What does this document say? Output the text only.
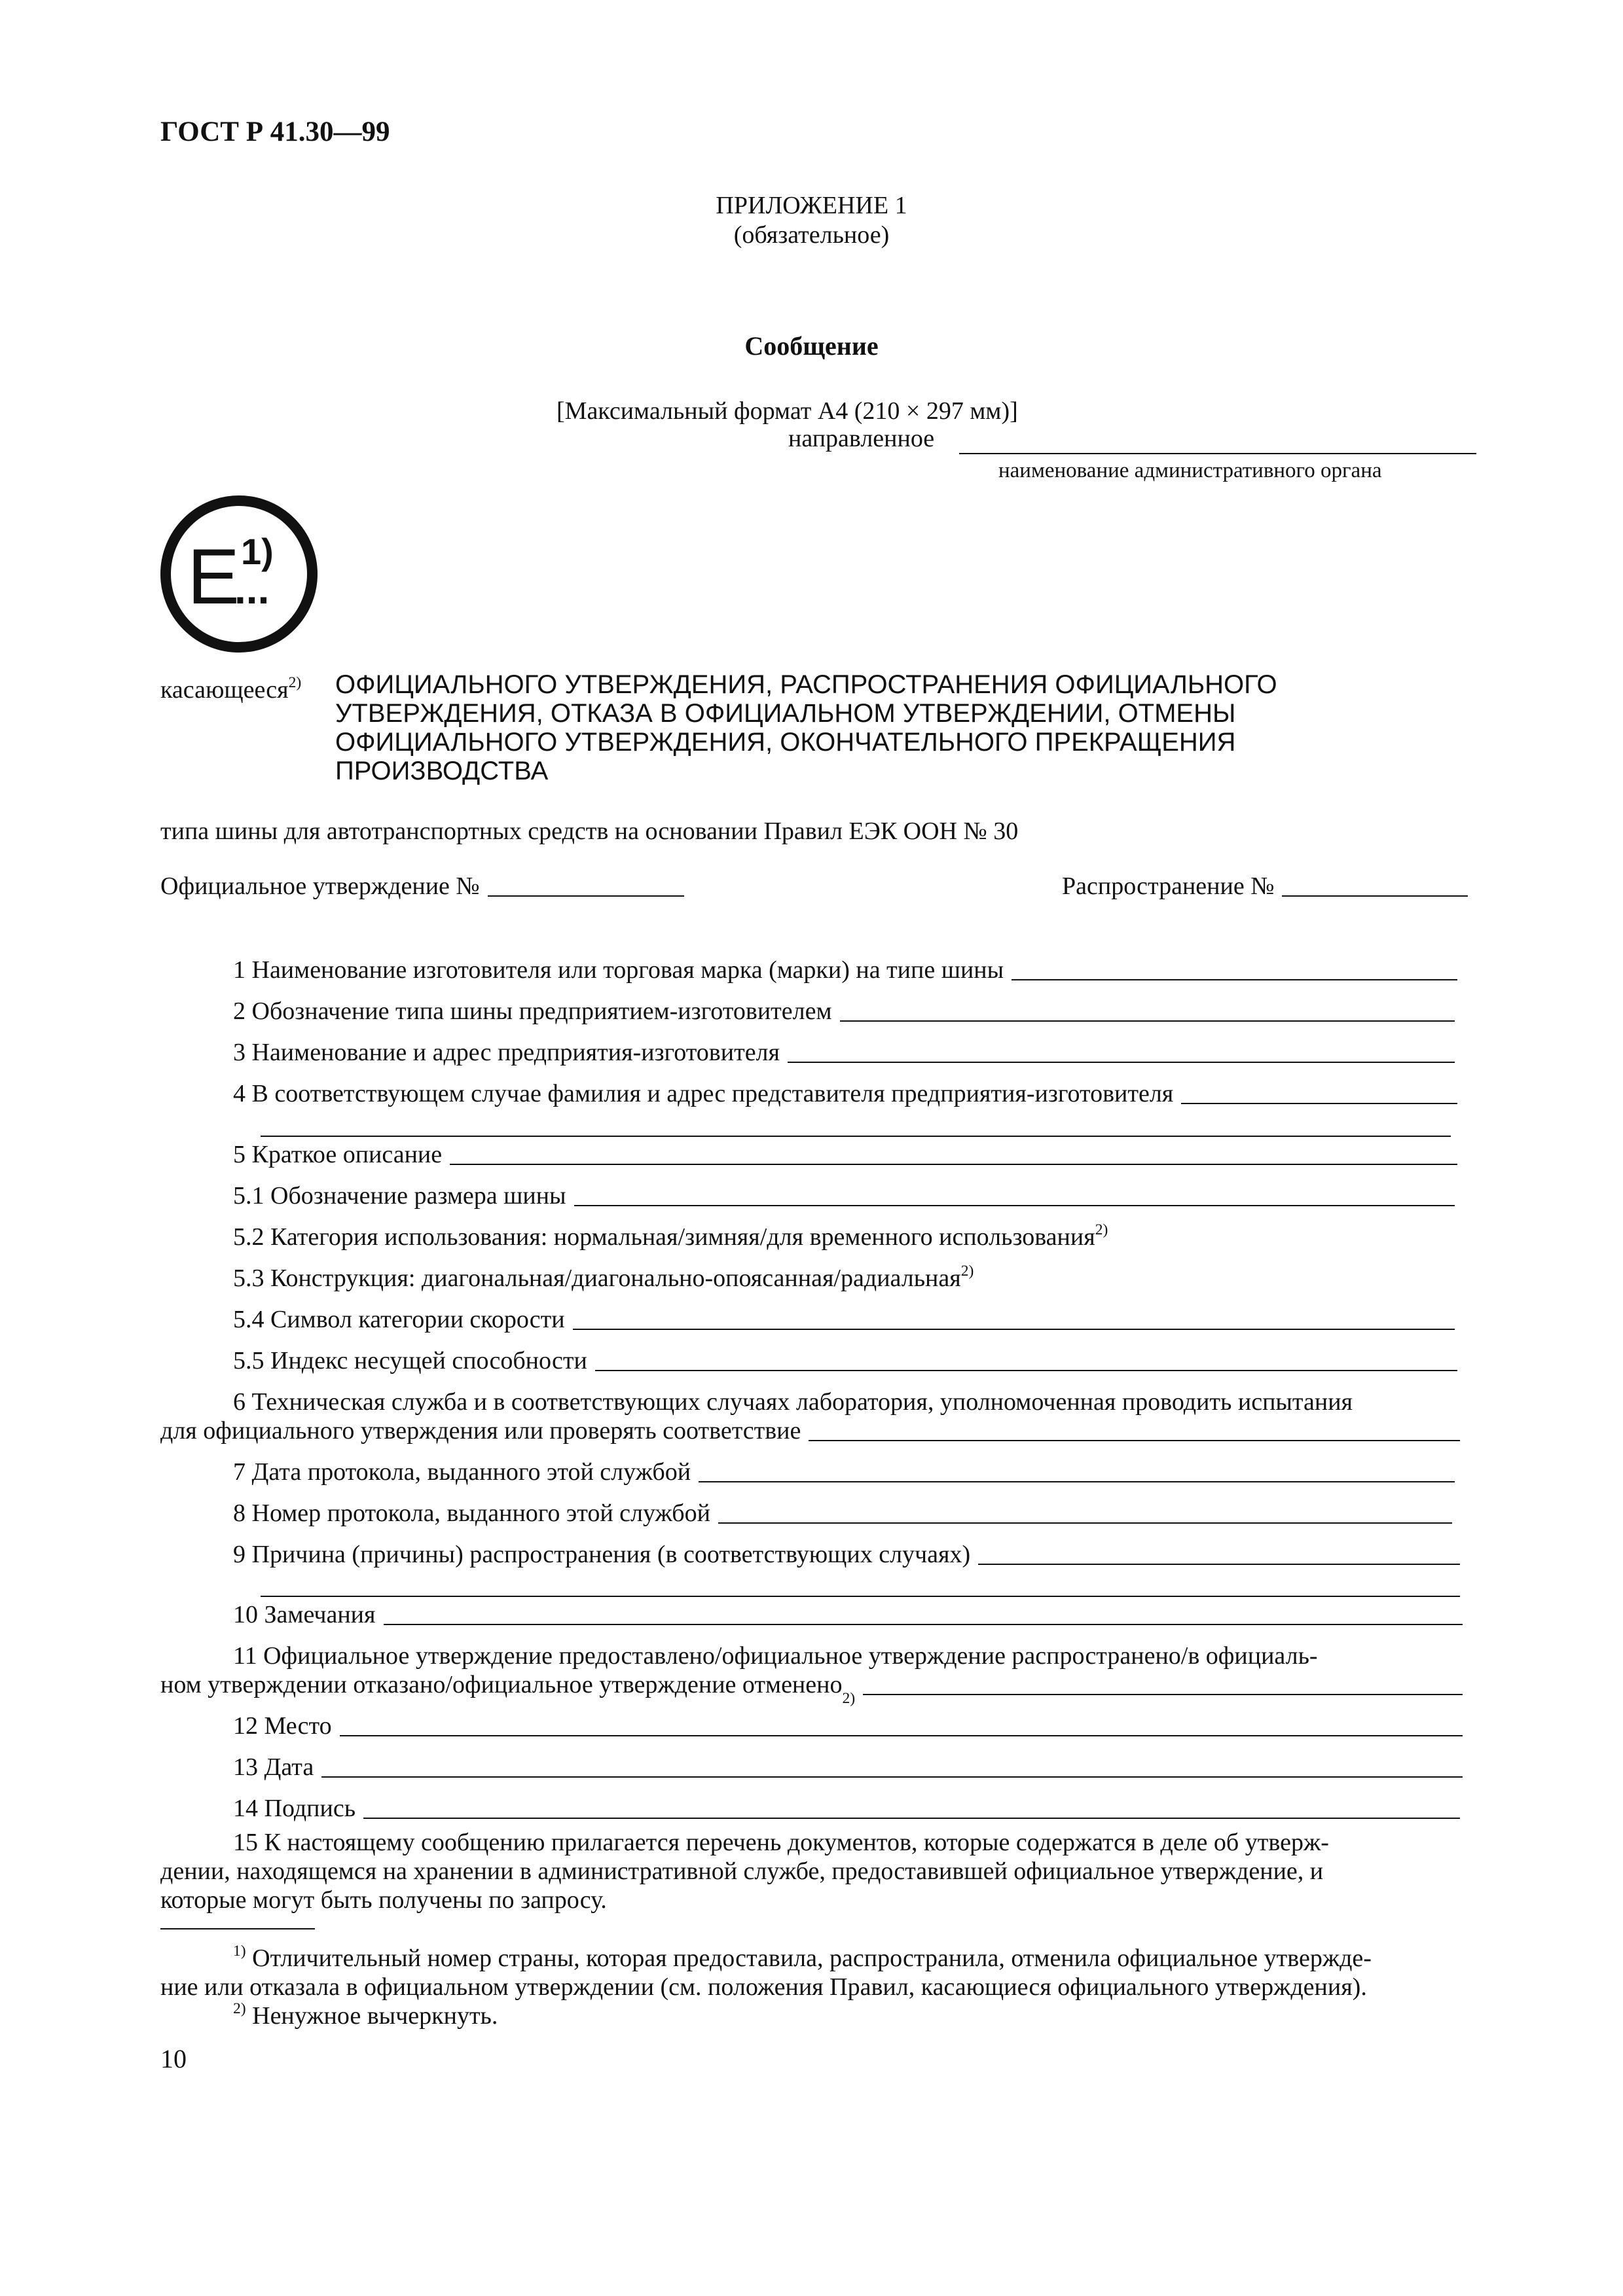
ГОСТ Р 41.30—99
ПРИЛОЖЕНИЕ 1
(обязательное)
Сообщение
[Максимальный формат А4 (210 × 297 мм)]
направленное
наименование административного органа
E 1)
...
касающееся$^{2)}$ ОФИЦИАЛЬНОГО УТВЕРЖДЕНИЯ, РАСПРОСТРАНЕНИЯ ОФИЦИАЛЬНОГО
УТВЕРЖДЕНИЯ, ОТКАЗА В ОФИЦИАЛЬНОМ УТВЕРЖДЕНИИ, ОТМЕНЫ
ОФИЦИАЛЬНОГО УТВЕРЖДЕНИЯ, ОКОНЧАТЕЛЬНОГО ПРЕКРАЩЕНИЯ
ПРОИЗВОДСТВА
типа шины для автотранспортных средств на основании Правил ЕЭК ООН № 30
Официальное утверждение №	Распространение №
1 Наименование изготовителя или торговая марка (марки) на типе шины
2 Обозначение типа шины предприятием-изготовителем
3 Наименование и адрес предприятия-изготовителя
4 В соответствующем случае фамилия и адрес представителя предприятия-изготовителя
5 Краткое описание
5.1 Обозначение размера шины
5.2 Категория использования: нормальная/зимняя/для временного использования$^{2)}$
5.3 Конструкция: диагональная/диагонально-опоясанная/радиальная$^{2)}$
5.4 Символ категории скорости
5.5 Индекс несущей способности
6 Техническая служба и в соответствующих случаях лаборатория, уполномоченная проводить испытания
для официального утверждения или проверять соответствие
7 Дата протокола, выданного этой службой
8 Номер протокола, выданного этой службой
9 Причина (причины) распространения (в соответствующих случаях)
10 Замечания
11 Официальное утверждение предоставлено/официальное утверждение распространено/в официаль-
ном утверждении отказано/официальное утверждение отменено
$^{2)}$
12 Место
13 Дата
14 Подпись
15 К настоящему сообщению прилагается перечень документов, которые содержатся в деле об утверж-
дении, находящемся на хранении в административной службе, предоставившей официальное утверждение, и
которые могут быть получены по запросу.
$^{1)}$ Отличительный номер страны, которая предоставила, распространила, отменила официальное утвержде-
ние или отказала в официальном утверждении (см. положения Правил, касающиеся официального утверждения).
$^{2)}$ Ненужное вычеркнуть.
10
